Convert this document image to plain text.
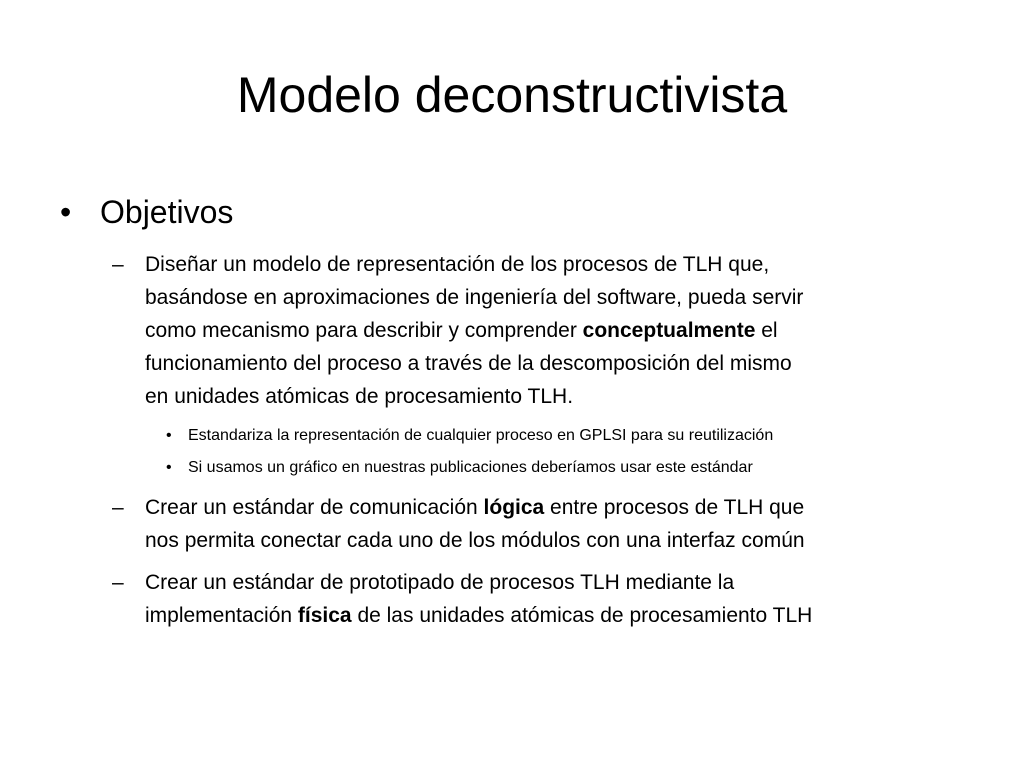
Modelo deconstructivista
• Objetivos
– Diseñar un modelo de representación de los procesos de TLH que,
basándose en aproximaciones de ingeniería del software, pueda servir
como mecanismo para describir y comprender conceptualmente el
funcionamiento del proceso a través de la descomposición del mismo
en unidades atómicas de procesamiento TLH.
• Estandariza la representación de cualquier proceso en GPLSI para su reutilización
• Si usamos un gráfico en nuestras publicaciones deberíamos usar este estándar
– Crear un estándar de comunicación lógica entre procesos de TLH que
nos permita conectar cada uno de los módulos con una interfaz común
– Crear un estándar de prototipado de procesos TLH mediante la
implementación física de las unidades atómicas de procesamiento TLH
